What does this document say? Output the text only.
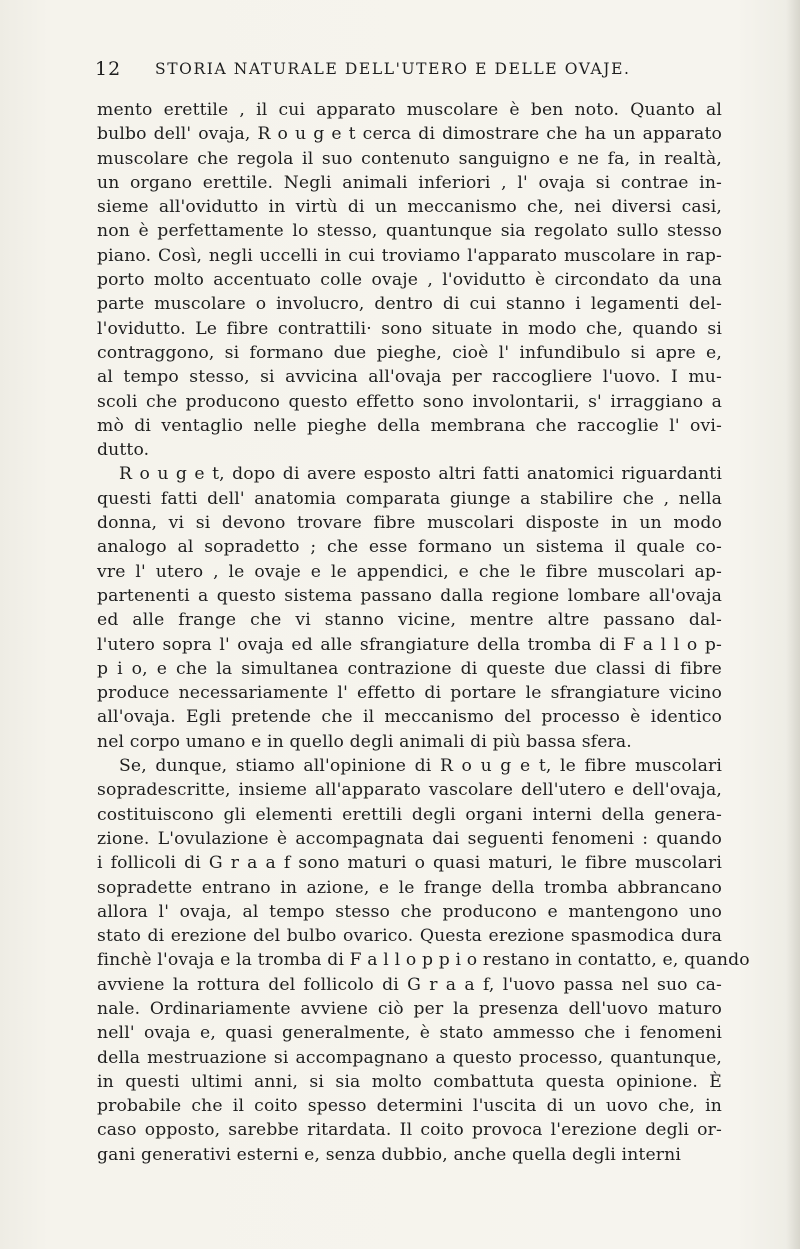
12 STORIA NATURALE DELL'UTERO E DELLE OVAJE.
mento erettile , il cui apparato muscolare è ben noto. Quanto al
bulbo dell' ovaja, R o u g e t cerca di dimostrare che ha un apparato
muscolare che regola il suo contenuto sanguigno e ne fa, in realtà,
un organo erettile. Negli animali inferiori , l' ovaja si contrae in-
sieme all'ovidutto in virtù di un meccanismo che, nei diversi casi,
non è perfettamente lo stesso, quantunque sia regolato sullo stesso
piano. Così, negli uccelli in cui troviamo l'apparato muscolare in rap-
porto molto accentuato colle ovaje , l'ovidutto è circondato da una
parte muscolare o involucro, dentro di cui stanno i legamenti del-
l'ovidutto. Le fibre contrattili· sono situate in modo che, quando si
contraggono, si formano due pieghe, cioè l' infundibulo si apre e,
al tempo stesso, si avvicina all'ovaja per raccogliere l'uovo. I mu-
scoli che producono questo effetto sono involontarii, s' irraggiano a
mò di ventaglio nelle pieghe della membrana che raccoglie l' ovi-
dutto.
R o u g e t, dopo di avere esposto altri fatti anatomici riguardanti
questi fatti dell' anatomia comparata giunge a stabilire che , nella
donna, vi si devono trovare fibre muscolari disposte in un modo
analogo al sopradetto ; che esse formano un sistema il quale co-
vre l' utero , le ovaje e le appendici, e che le fibre muscolari ap-
partenenti a questo sistema passano dalla regione lombare all'ovaja
ed alle frange che vi stanno vicine, mentre altre passano dal-
l'utero sopra l' ovaja ed alle sfrangiature della tromba di F a l l o p-
p i o, e che la simultanea contrazione di queste due classi di fibre
produce necessariamente l' effetto di portare le sfrangiature vicino
all'ovaja. Egli pretende che il meccanismo del processo è identico
nel corpo umano e in quello degli animali di più bassa sfera.
Se, dunque, stiamo all'opinione di R o u g e t, le fibre muscolari
sopradescritte, insieme all'apparato vascolare dell'utero e dell'ovaja,
costituiscono gli elementi erettili degli organi interni della genera-
zione. L'ovulazione è accompagnata dai seguenti fenomeni : quando
i follicoli di G r a a f sono maturi o quasi maturi, le fibre muscolari
sopradette entrano in azione, e le frange della tromba abbrancano
allora l' ovaja, al tempo stesso che producono e mantengono uno
stato di erezione del bulbo ovarico. Questa erezione spasmodica dura
finchè l'ovaja e la tromba di F a l l o p p i o restano in contatto, e, quando
avviene la rottura del follicolo di G r a a f, l'uovo passa nel suo ca-
nale. Ordinariamente avviene ciò per la presenza dell'uovo maturo
nell' ovaja e, quasi generalmente, è stato ammesso che i fenomeni
della mestruazione si accompagnano a questo processo, quantunque,
in questi ultimi anni, si sia molto combattuta questa opinione. È
probabile che il coito spesso determini l'uscita di un uovo che, in
caso opposto, sarebbe ritardata. Il coito provoca l'erezione degli or-
gani generativi esterni e, senza dubbio, anche quella degli interni
